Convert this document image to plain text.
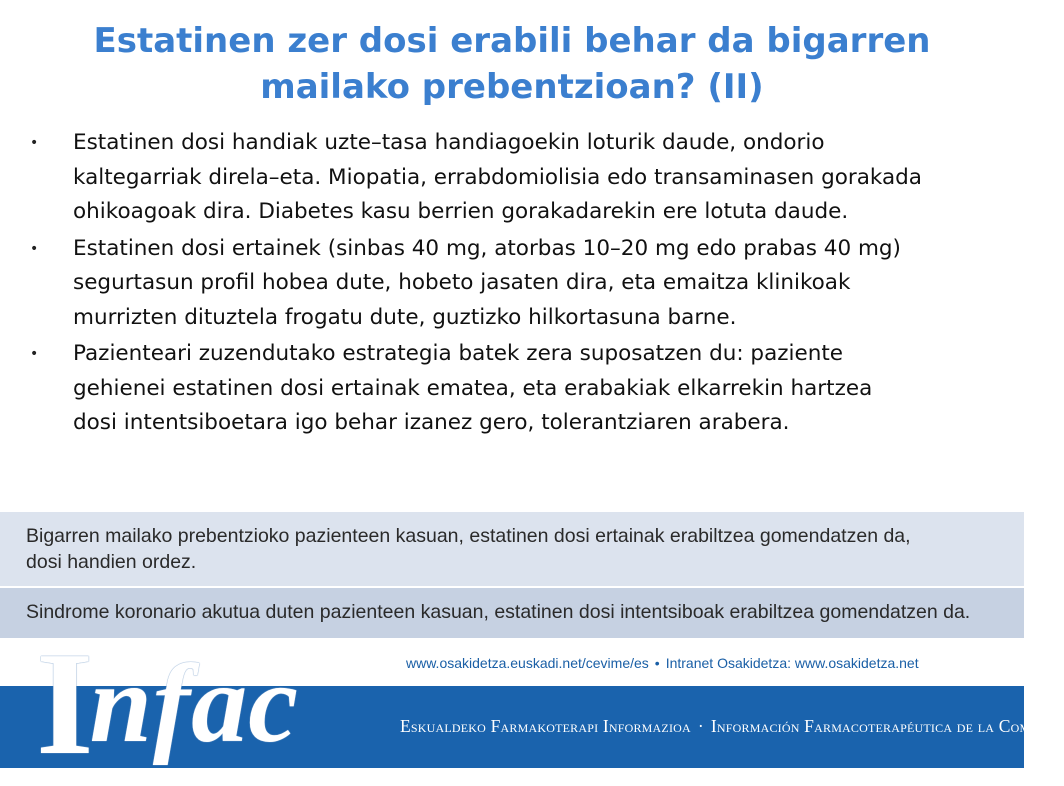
Estatinen zer dosi erabili behar da bigarren
mailako prebentzioan? (II)
• Estatinen dosi handiak uzte–tasa handiagoekin loturik daude, ondorio
kaltegarriak direla–eta. Miopatia, errabdomiolisia edo transaminasen gorakada
ohikoagoak dira. Diabetes kasu berrien gorakadarekin ere lotuta daude.
• Estatinen dosi ertainek (sinbas 40 mg, atorbas 10–20 mg edo prabas 40 mg)
segurtasun profil hobea dute, hobeto jasaten dira, eta emaitza klinikoak
murrizten dituztela frogatu dute, guztizko hilkortasuna barne.
• Pazienteari zuzendutako estrategia batek zera suposatzen du: paziente
gehienei estatinen dosi ertainak ematea, eta erabakiak elkarrekin hartzea
dosi intentsiboetara igo behar izanez gero, tolerantziaren arabera.
Bigarren mailako prebentzioko pazienteen kasuan, estatinen dosi ertainak erabiltzea gomendatzen da,
dosi handien ordez.
Sindrome koronario akutua duten pazienteen kasuan, estatinen dosi intentsiboak erabiltzea gomendatzen da.
www.osakidetza.euskadi.net/cevime/es • Intranet Osakidetza: www.osakidetza.net
Infac	Eskualdeko Farmakoterapi Informazioa · Información Farmacoterapéutica de la Comarca
